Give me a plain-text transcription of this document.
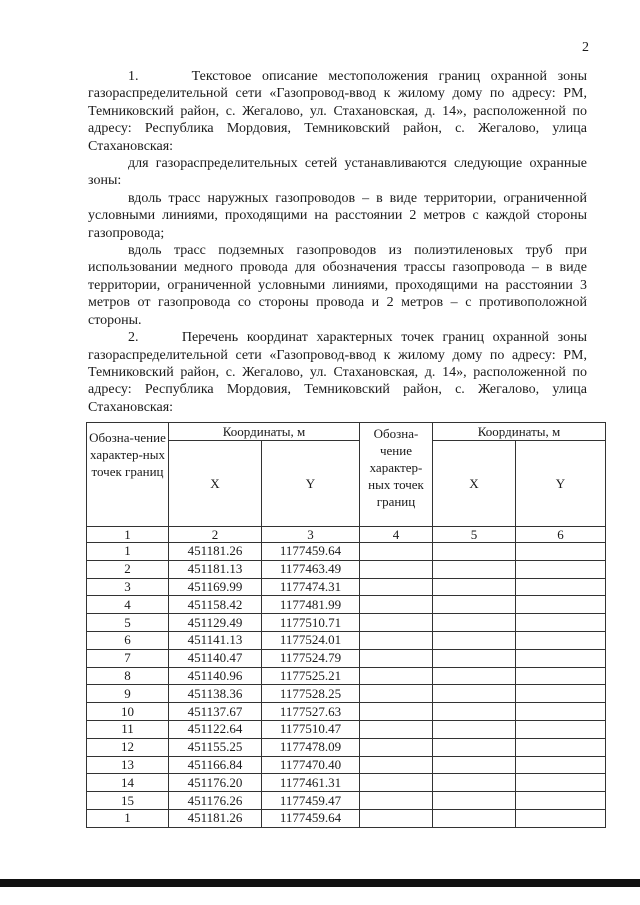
2

1.     Текстовое описание местоположения границ охранной зоны газораспределительной сети «Газопровод-ввод к жилому дому по адресу: РМ, Темниковский район, с. Жегалово, ул. Стахановская, д. 14», расположенной по адресу: Республика Мордовия, Темниковский район, с. Жегалово, улица Стахановская:

для газораспределительных сетей устанавливаются следующие охранные зоны:

вдоль трасс наружных газопроводов – в виде территории, ограниченной условными линиями, проходящими на расстоянии 2 метров с каждой стороны газопровода;

вдоль трасс подземных газопроводов из полиэтиленовых труб при использовании медного провода для обозначения трассы газопровода – в виде территории, ограниченной условными линиями, проходящими на расстоянии 3 метров от газопровода со стороны провода и 2 метров – с противоположной стороны.

2.     Перечень координат характерных точек границ охранной зоны газораспределительной сети «Газопровод-ввод к жилому дому по адресу: РМ, Темниковский район, с. Жегалово, ул. Стахановская, д. 14», расположенной по адресу: Республика Мордовия, Темниковский район, с. Жегалово, улица Стахановская:

Обозна-чение характер-ных точек границ	Координаты, м		Обозна-чение характер-ных точек границ	Координаты, м	
	X	Y		X	Y
1	2	3	4	5	6
1	451181.26	1177459.64			
2	451181.13	1177463.49			
3	451169.99	1177474.31			
4	451158.42	1177481.99			
5	451129.49	1177510.71			
6	451141.13	1177524.01			
7	451140.47	1177524.79			
8	451140.96	1177525.21			
9	451138.36	1177528.25			
10	451137.67	1177527.63			
11	451122.64	1177510.47			
12	451155.25	1177478.09			
13	451166.84	1177470.40			
14	451176.20	1177461.31			
15	451176.26	1177459.47			
1	451181.26	1177459.64			
